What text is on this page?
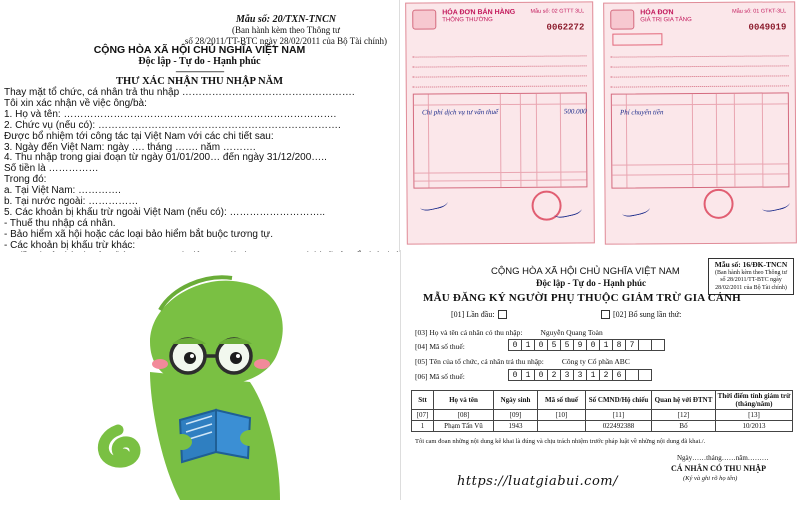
Mẫu số: 20/TXN-TNCN
(Ban hành kèm theo Thông tư
số 28/2011/TT-BTC ngày 28/02/2011 của Bộ Tài chính)
CỘNG HÒA XÃ HỘI CHỦ NGHĨA VIỆT NAM
Độc lập - Tự do - Hạnh phúc
------------------------
THƯ XÁC NHẬN THU NHẬP NĂM
Thay mặt tổ chức, cá nhân trả thu nhập …………………………………………….
Tôi xin xác nhận về việc ông/bà:
1. Họ và tên: ……………………………………………………………………….
2. Chức vụ (nếu có): ……………………………………………………………….
Được bổ nhiệm tới công tác tại Việt Nam với các chi tiết sau:
3. Ngày đến Việt Nam: ngày …. tháng ……. năm ……….
4. Thu nhập trong giai đoạn từ ngày 01/01/200… đến ngày 31/12/200…..
Số tiền là ……………
Trong đó:
a. Tại Việt Nam: ………….
b. Tại nước ngoài: ……………
5. Các khoản bị khấu trừ ngoài Việt Nam (nếu có): ………………………..
- Thuế thu nhập cá nhân.
- Bảo hiểm xã hội hoặc các loại bảo hiểm bắt buộc tương tự.
- Các khoản bị khấu trừ khác:
HÓA ĐƠN BÁN HÀNG
THÔNG THƯỜNG
Mẫu số: 02 GTTT 3LL
0062272
Chi phí dịch vụ tư vấn thuế	500.000
HÓA ĐƠN
GIÁ TRỊ GIA TĂNG
Mẫu số: 01 GTKT-3LL
0049019
Phí chuyển tiền
Mẫu số: 16/ĐK-TNCN
(Ban hành kèm theo Thông tư
số 28/2011/TT-BTC ngày
28/02/2011 của Bộ Tài chính)
CỘNG HÒA XÃ HỘI CHỦ NGHĨA VIỆT NAM
Độc lập - Tự do - Hạnh phúc
MẪU ĐĂNG KÝ NGƯỜI PHỤ THUỘC GIẢM TRỪ GIA CẢNH
[01] Lần đầu:	[02] Bổ sung lần thứ:
[03] Họ và tên cá nhân có thu nhập: Nguyễn Quang Toàn
[04] Mã số thuế:	0	1	0	5	5	9	0	1	8	7
[05] Tên của tổ chức, cá nhân trả thu nhập: Công ty Cổ phần ABC
[06] Mã số thuế:	0	1	0	2	3	3	1	2	6
Stt	Họ và tên	Ngày sinh	Mã số thuế	Số CMND/Hộ chiếu	Quan hệ với ĐTNT	Thời điểm tính giảm trừ (tháng/năm)
[07]	[08]	[09]	[10]	[11]	[12]	[13]
1	Phạm Tấn Vũ	1943		022492388	Bố	10/2013
Tôi cam đoan những nội dung kê khai là đúng và chịu trách nhiệm trước pháp luật về những nội dung đã khai./.
Ngày……tháng……năm………
CÁ NHÂN CÓ THU NHẬP
(Ký và ghi rõ họ tên)
https://luatgiabui.com/
